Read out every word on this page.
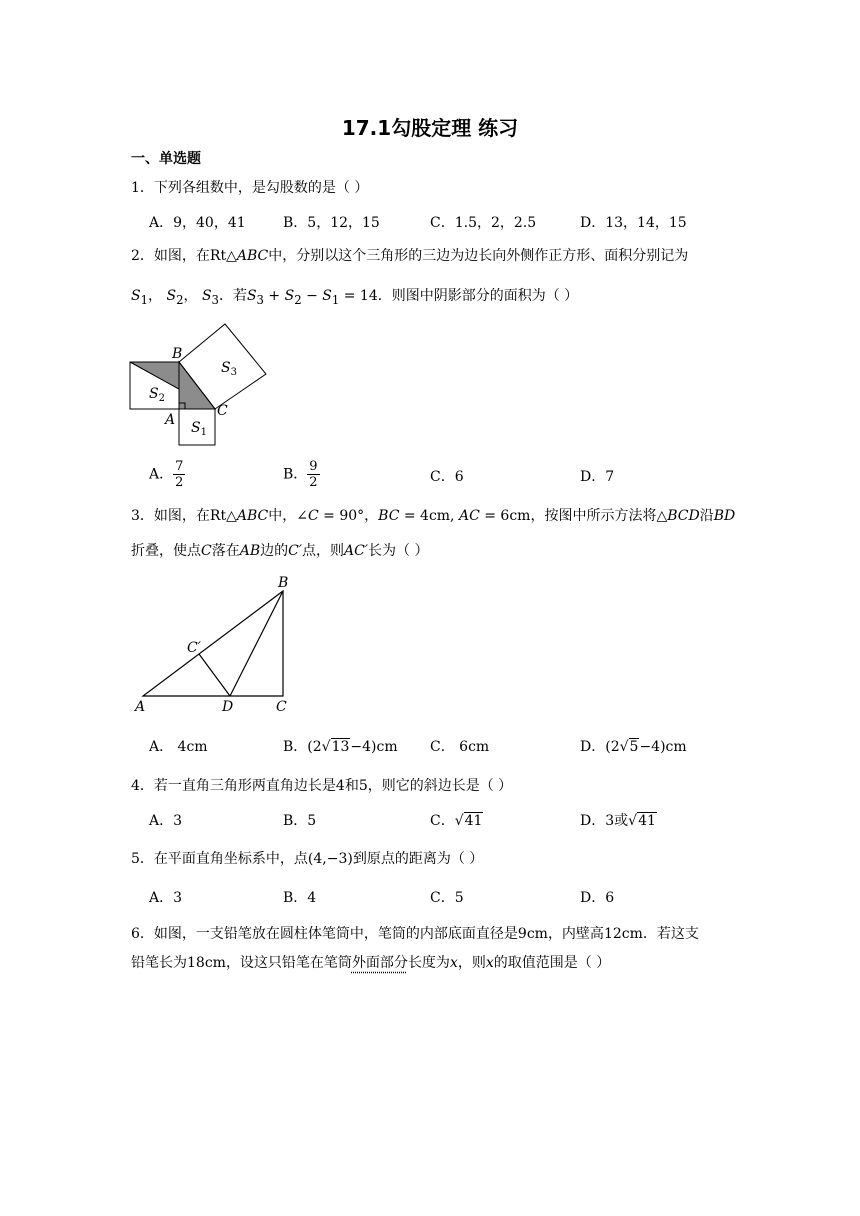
17.1勾股定理 练习
一、单选题
1．下列各组数中，是勾股数的是（ ）
A．9，40，41	B．5，12，15	C．1.5，2，2.5	D．13，14，15
2．如图，在Rt△ABC中，分别以这个三角形的三边为边长向外侧作正方形、面积分别记为
$S_1$， $S_2$， $S_3$．若$S_3 + S_2 - S_1 = 14$．则图中阴影部分的面积为（ ）
B
C
A
$S_2$
$S_1$
$S_3$
A． $\frac{7}{2}$	B． $\frac{9}{2}$	C．6	D．7
3．如图，在Rt△ABC中，∠C = 90°，BC = 4cm, AC = 6cm，按图中所示方法将△BCD沿BD
折叠，使点C落在AB边的C′点，则AC′长为（ ）
B
A	D	C
C′
A． 4cm	B．(2√13−4)cm C． 6cm	D．(2√5−4)cm
4．若一直角三角形两直角边长是4和5，则它的斜边长是（ ）
A．3	B．5	C．√41	D．3或√41
5．在平面直角坐标系中，点(4,−3)到原点的距离为（ ）
A．3	B．4	C．5	D．6
6．如图，一支铅笔放在圆柱体笔筒中，笔筒的内部底面直径是9cm，内壁高12cm．若这支
铅笔长为18cm，设这只铅笔在笔筒外面部分长度为x，则x的取值范围是（ ）
